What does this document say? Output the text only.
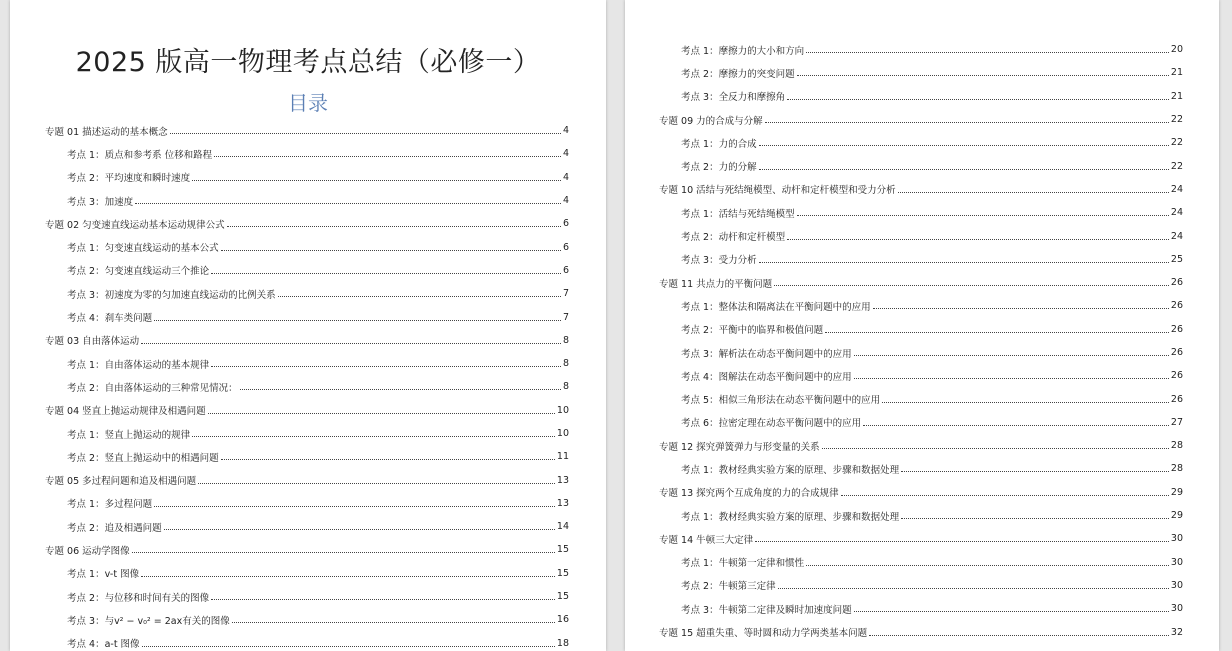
2025 版高一物理考点总结（必修一）
目录
专题 01 描述运动的基本概念	4
考点 1：质点和参考系 位移和路程	4
考点 2：平均速度和瞬时速度	4
考点 3：加速度	4
专题 02 匀变速直线运动基本运动规律公式	6
考点 1：匀变速直线运动的基本公式	6
考点 2：匀变速直线运动三个推论	6
考点 3：初速度为零的匀加速直线运动的比例关系	7
考点 4：刹车类问题	7
专题 03 自由落体运动	8
考点 1：自由落体运动的基本规律	8
考点 2：自由落体运动的三种常见情况：	8
专题 04 竖直上抛运动规律及相遇问题	10
考点 1：竖直上抛运动的规律	10
考点 2：竖直上抛运动中的相遇问题	11
专题 05 多过程问题和追及相遇问题	13
考点 1：多过程问题	13
考点 2：追及相遇问题	14
专题 06 运动学图像	15
考点 1：v-t 图像	15
考点 2：与位移和时间有关的图像	15
考点 3：与v² − v₀² = 2ax有关的图像	16
考点 4：a-t 图像	18
考点 1：摩擦力的大小和方向	20
考点 2：摩擦力的突变问题	21
考点 3：全反力和摩擦角	21
专题 09 力的合成与分解	22
考点 1：力的合成	22
考点 2：力的分解	22
专题 10 活结与死结绳模型、动杆和定杆模型和受力分析	24
考点 1：活结与死结绳模型	24
考点 2：动杆和定杆模型	24
考点 3：受力分析	25
专题 11 共点力的平衡问题	26
考点 1：整体法和隔离法在平衡问题中的应用	26
考点 2：平衡中的临界和极值问题	26
考点 3：解析法在动态平衡问题中的应用	26
考点 4：图解法在动态平衡问题中的应用	26
考点 5：相似三角形法在动态平衡问题中的应用	26
考点 6：拉密定理在动态平衡问题中的应用	27
专题 12 探究弹簧弹力与形变量的关系	28
考点 1：教材经典实验方案的原理、步骤和数据处理	28
专题 13 探究两个互成角度的力的合成规律	29
考点 1：教材经典实验方案的原理、步骤和数据处理	29
专题 14 牛顿三大定律	30
考点 1：牛顿第一定律和惯性	30
考点 2：牛顿第三定律	30
考点 3：牛顿第二定律及瞬时加速度问题	30
专题 15 超重失重、等时圆和动力学两类基本问题	32
